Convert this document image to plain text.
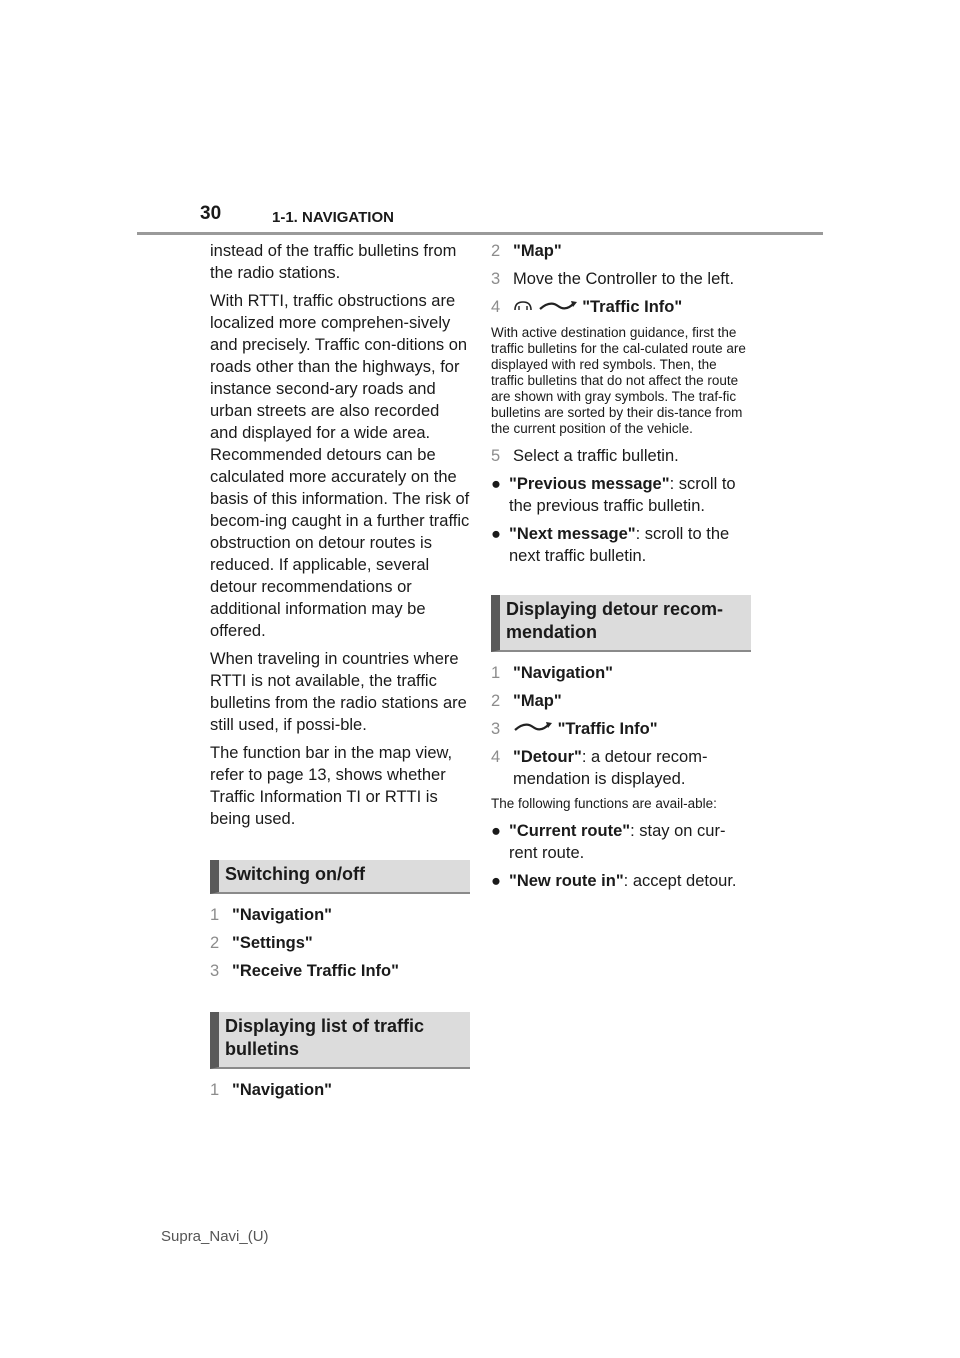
30	1-1. NAVIGATION

instead of the traffic bulletins from the radio stations.

With RTTI, traffic obstructions are localized more comprehen-sively and precisely. Traffic con-ditions on roads other than the highways, for instance second-ary roads and urban streets are also recorded and displayed for a wide area. Recommended detours can be calculated more accurately on the basis of this information. The risk of becom-ing caught in a further traffic obstruction on detour routes is reduced. If applicable, several detour recommendations or additional information may be offered.

When traveling in countries where RTTI is not available, the traffic bulletins from the radio stations are still used, if possi-ble.

The function bar in the map view, refer to page 13, shows whether Traffic Information TI or RTTI is being used.

Switching on/off
1 "Navigation"
2 "Settings"
3 "Receive Traffic Info"
Displaying list of traffic bulletins
1 "Navigation"
2 "Map"
3 Move the Controller to the left.
4	"Traffic Info"
With active destination guidance, first the traffic bulletins for the cal-culated route are displayed with red symbols. Then, the traffic bulletins that do not affect the route are shown with gray symbols. The traf-fic bulletins are sorted by their dis-tance from the current position of the vehicle.
5 Select a traffic bulletin.
● "Previous message": scroll to the previous traffic bulletin.
● "Next message": scroll to the next traffic bulletin.
Displaying detour recom-mendation
1 "Navigation"
2 "Map"
3	"Traffic Info"
4 "Detour": a detour recom-mendation is displayed.
The following functions are avail-able:
● "Current route": stay on cur-rent route.
● "New route in": accept detour.
Supra_Navi_(U)
